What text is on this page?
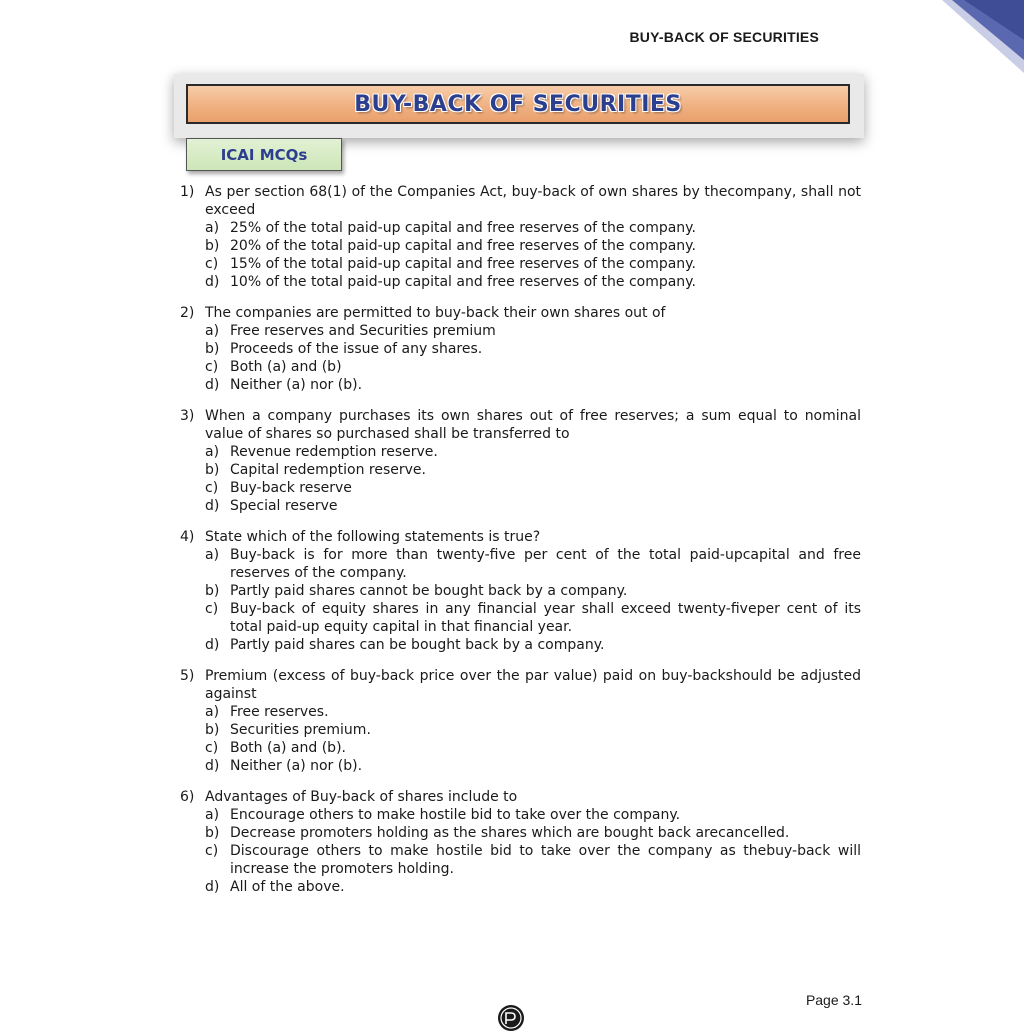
BUY-BACK OF SECURITIES
BUY-BACK OF SECURITIES
ICAI MCQs
1) As per section 68(1) of the Companies Act, buy-back of own shares by thecompany, shall not exceed
a) 25% of the total paid-up capital and free reserves of the company.
b) 20% of the total paid-up capital and free reserves of the company.
c) 15% of the total paid-up capital and free reserves of the company.
d) 10% of the total paid-up capital and free reserves of the company.
2) The companies are permitted to buy-back their own shares out of
a) Free reserves and Securities premium
b) Proceeds of the issue of any shares.
c) Both (a) and (b)
d) Neither (a) nor (b).
3) When a company purchases its own shares out of free reserves; a sum equal to nominal value of shares so purchased shall be transferred to
a) Revenue redemption reserve.
b) Capital redemption reserve.
c) Buy-back reserve
d) Special reserve
4) State which of the following statements is true?
a) Buy-back is for more than twenty-five per cent of the total paid-upcapital and free reserves of the company.
b) Partly paid shares cannot be bought back by a company.
c) Buy-back of equity shares in any financial year shall exceed twenty-fiveper cent of its total paid-up equity capital in that financial year.
d) Partly paid shares can be bought back by a company.
5) Premium (excess of buy-back price over the par value) paid on buy-backshould be adjusted against
a) Free reserves.
b) Securities premium.
c) Both (a) and (b).
d) Neither (a) nor (b).
6) Advantages of Buy-back of shares include to
a) Encourage others to make hostile bid to take over the company.
b) Decrease promoters holding as the shares which are bought back arecancelled.
c) Discourage others to make hostile bid to take over the company as thebuy-back will increase the promoters holding.
d) All of the above.
Page 3.1
